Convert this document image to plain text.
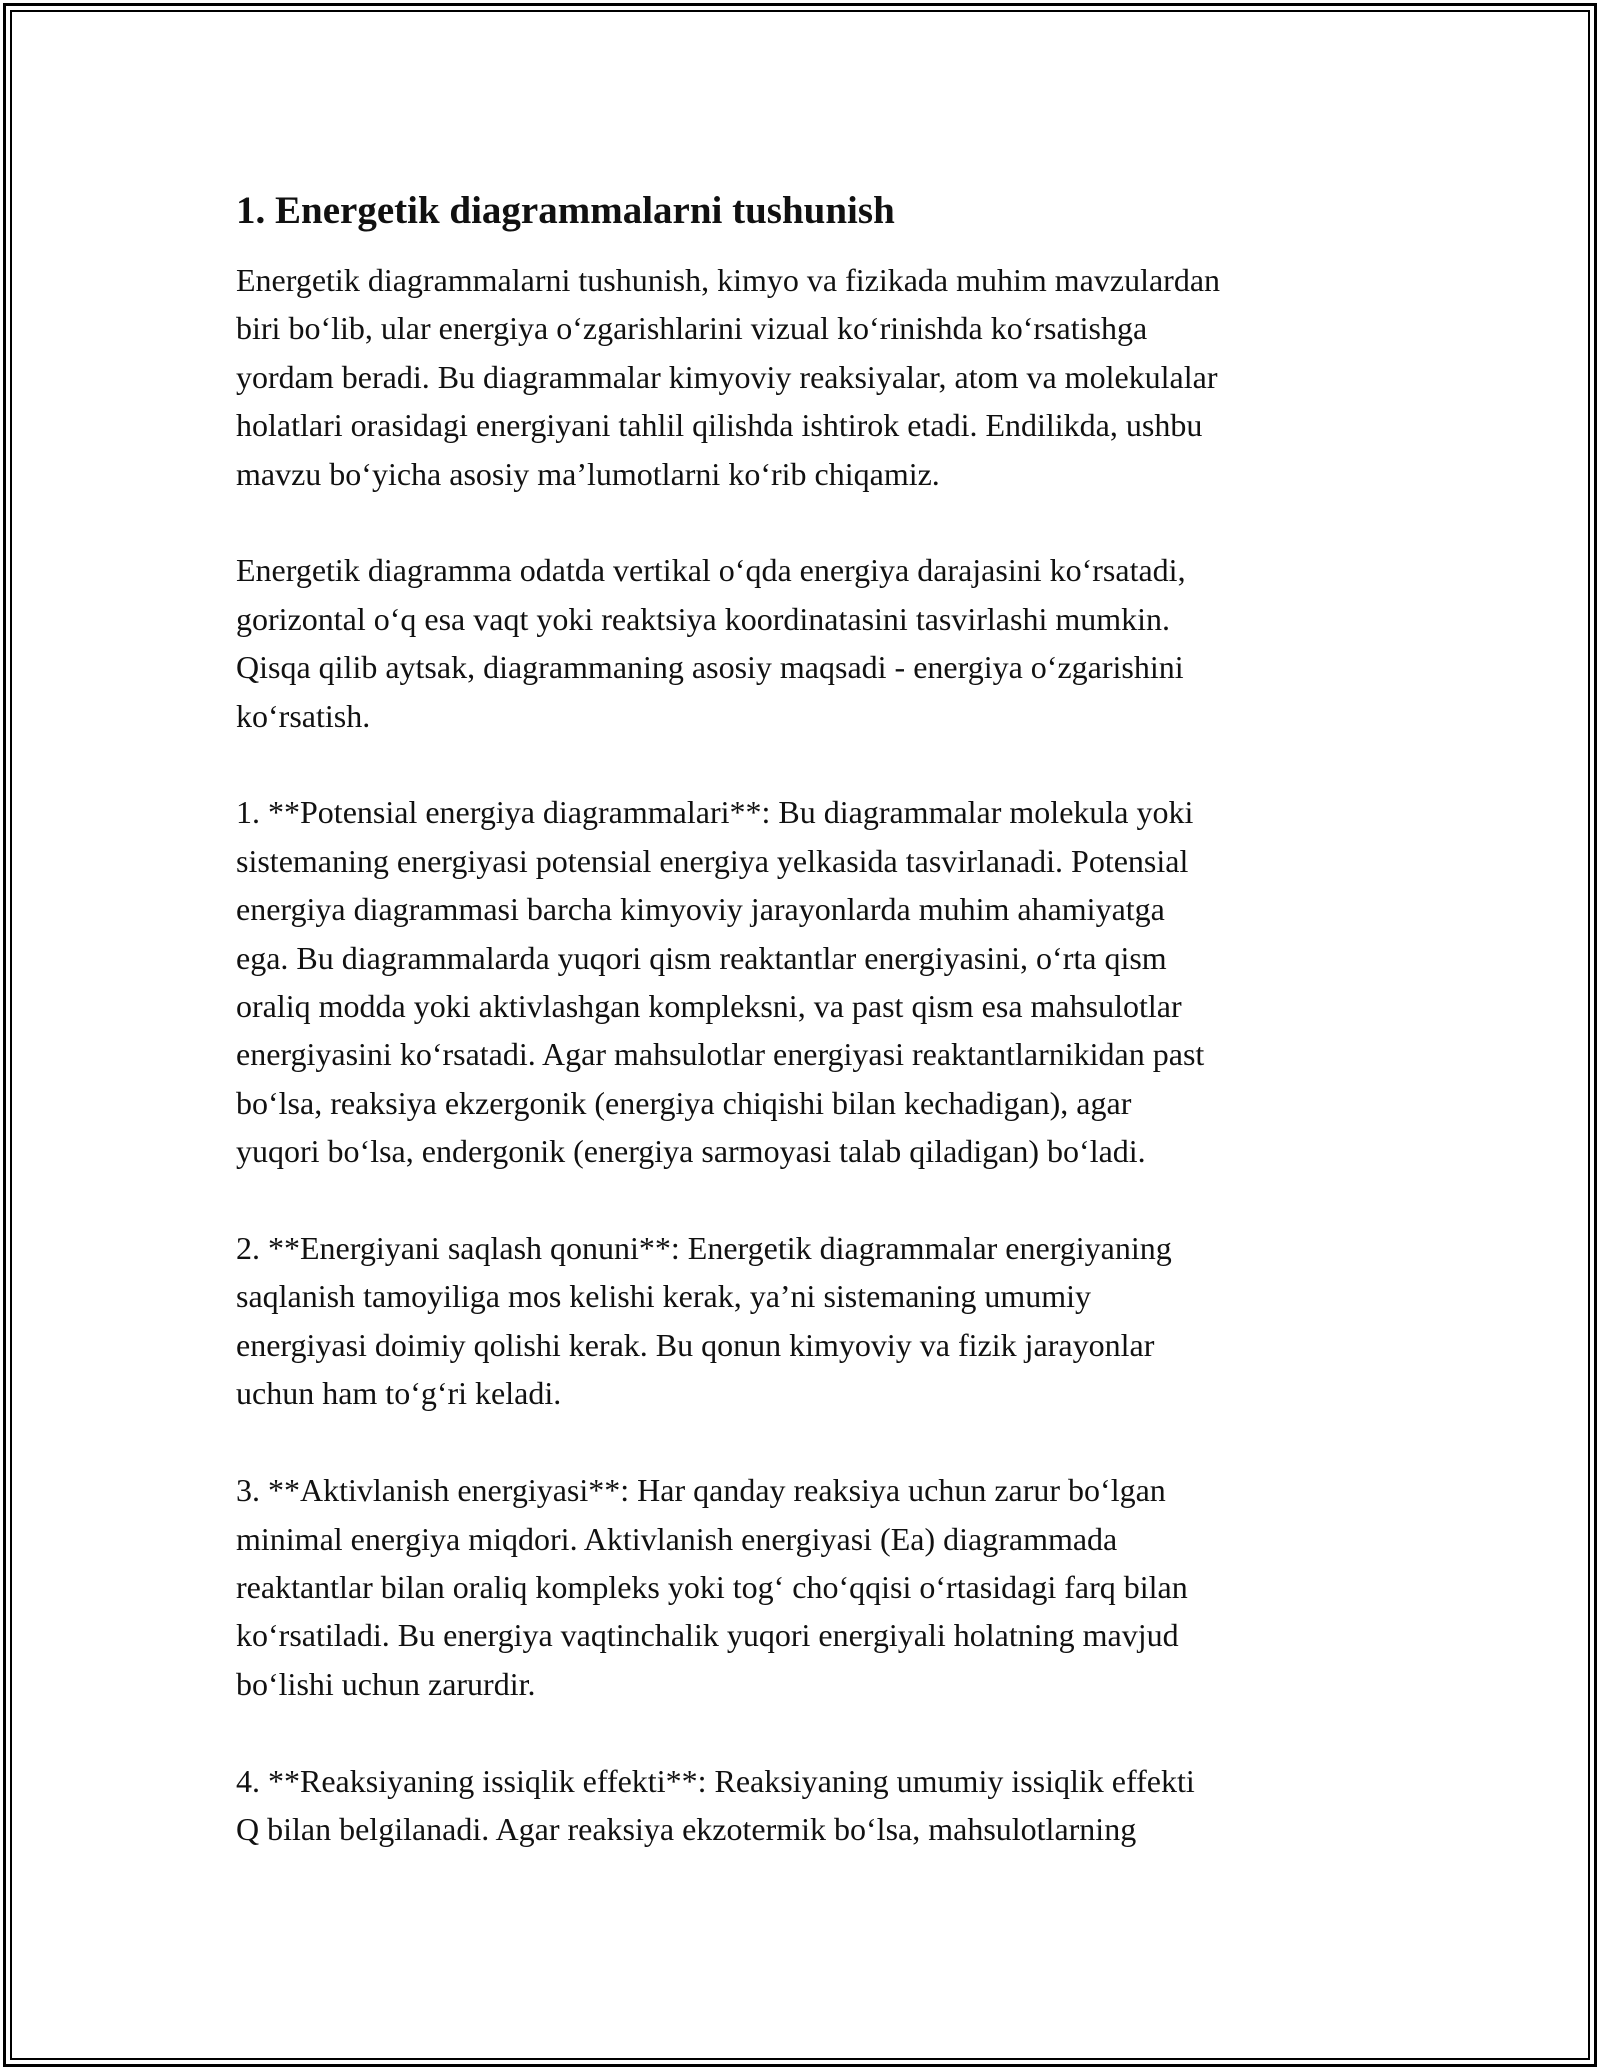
1. Energetik diagrammalarni tushunish

Energetik diagrammalarni tushunish, kimyo va fizikada muhim mavzulardan
biri bo‘lib, ular energiya o‘zgarishlarini vizual ko‘rinishda ko‘rsatishga
yordam beradi. Bu diagrammalar kimyoviy reaksiyalar, atom va molekulalar
holatlari orasidagi energiyani tahlil qilishda ishtirok etadi. Endilikda, ushbu
mavzu bo‘yicha asosiy ma’lumotlarni ko‘rib chiqamiz.

Energetik diagramma odatda vertikal o‘qda energiya darajasini ko‘rsatadi,
gorizontal o‘q esa vaqt yoki reaktsiya koordinatasini tasvirlashi mumkin.
Qisqa qilib aytsak, diagrammaning asosiy maqsadi - energiya o‘zgarishini
ko‘rsatish.

1. **Potensial energiya diagrammalari**: Bu diagrammalar molekula yoki
sistemaning energiyasi potensial energiya yelkasida tasvirlanadi. Potensial
energiya diagrammasi barcha kimyoviy jarayonlarda muhim ahamiyatga
ega. Bu diagrammalarda yuqori qism reaktantlar energiyasini, o‘rta qism
oraliq modda yoki aktivlashgan kompleksni, va past qism esa mahsulotlar
energiyasini ko‘rsatadi. Agar mahsulotlar energiyasi reaktantlarnikidan past
bo‘lsa, reaksiya ekzergonik (energiya chiqishi bilan kechadigan), agar
yuqori bo‘lsa, endergonik (energiya sarmoyasi talab qiladigan) bo‘ladi.

2. **Energiyani saqlash qonuni**: Energetik diagrammalar energiyaning
saqlanish tamoyiliga mos kelishi kerak, ya’ni sistemaning umumiy
energiyasi doimiy qolishi kerak. Bu qonun kimyoviy va fizik jarayonlar
uchun ham to‘g‘ri keladi.

3. **Aktivlanish energiyasi**: Har qanday reaksiya uchun zarur bo‘lgan
minimal energiya miqdori. Aktivlanish energiyasi (Ea) diagrammada
reaktantlar bilan oraliq kompleks yoki tog‘ cho‘qqisi o‘rtasidagi farq bilan
ko‘rsatiladi. Bu energiya vaqtinchalik yuqori energiyali holatning mavjud
bo‘lishi uchun zarurdir.

4. **Reaksiyaning issiqlik effekti**: Reaksiyaning umumiy issiqlik effekti
Q bilan belgilanadi. Agar reaksiya ekzotermik bo‘lsa, mahsulotlarning
